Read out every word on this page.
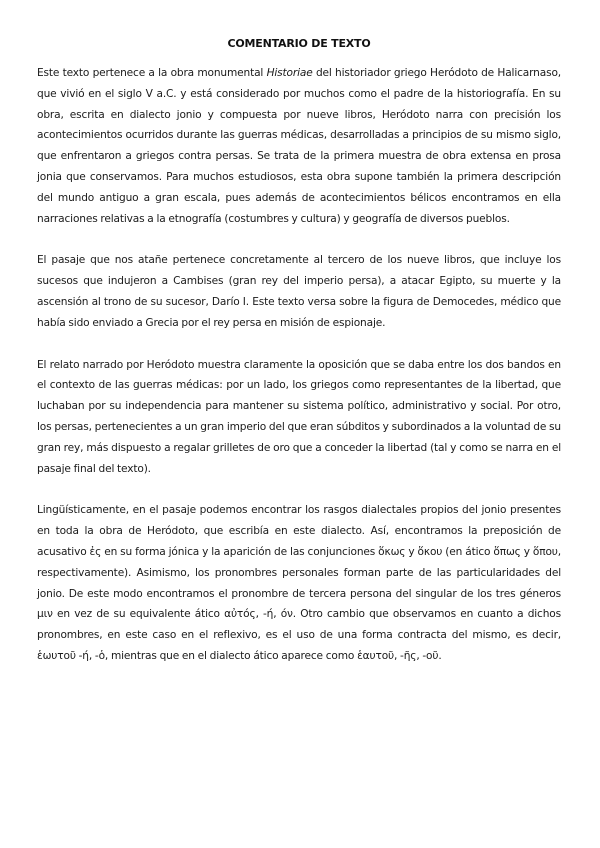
COMENTARIO DE TEXTO

Este texto pertenece a la obra monumental Historiae del historiador griego Heródoto de Halicarnaso, que vivió en el siglo V a.C. y está considerado por muchos como el padre de la historiografía. En su obra, escrita en dialecto jonio y compuesta por nueve libros, Heródoto narra con precisión los acontecimientos ocurridos durante las guerras médicas, desarrolladas a principios de su mismo siglo, que enfrentaron a griegos contra persas. Se trata de la primera muestra de obra extensa en prosa jonia que conservamos. Para muchos estudiosos, esta obra supone también la primera descripción del mundo antiguo a gran escala, pues además de acontecimientos bélicos encontramos en ella narraciones relativas a la etnografía (costumbres y cultura) y geografía de diversos pueblos.

El pasaje que nos atañe pertenece concretamente al tercero de los nueve libros, que incluye los sucesos que indujeron a Cambises (gran rey del imperio persa), a atacar Egipto, su muerte y la ascensión al trono de su sucesor, Darío I. Este texto versa sobre la figura de Democedes, médico que había sido enviado a Grecia por el rey persa en misión de espionaje.

El relato narrado por Heródoto muestra claramente la oposición que se daba entre los dos bandos en el contexto de las guerras médicas: por un lado, los griegos como representantes de la libertad, que luchaban por su independencia para mantener su sistema político, administrativo y social. Por otro, los persas, pertenecientes a un gran imperio del que eran súbditos y subordinados a la voluntad de su gran rey, más dispuesto a regalar grilletes de oro que a conceder la libertad (tal y como se narra en el pasaje final del texto).

Lingüísticamente, en el pasaje podemos encontrar los rasgos dialectales propios del jonio presentes en toda la obra de Heródoto, que escribía en este dialecto. Así, encontramos la preposición de acusativo ἐς en su forma jónica y la aparición de las conjunciones ὅκως y ὅκου (en ático ὅπως y ὅπου, respectivamente). Asimismo, los pronombres personales forman parte de las particularidades del jonio. De este modo encontramos el pronombre de tercera persona del singular de los tres géneros μιν en vez de su equivalente ático αὐτός, -ή, όν. Otro cambio que observamos en cuanto a dichos pronombres, en este caso en el reflexivo, es el uso de una forma contracta del mismo, es decir, ἑωυτοῦ -ή, -ὁ, mientras que en el dialecto ático aparece como ἑαυτοῦ, -ῆς, -οῦ.
